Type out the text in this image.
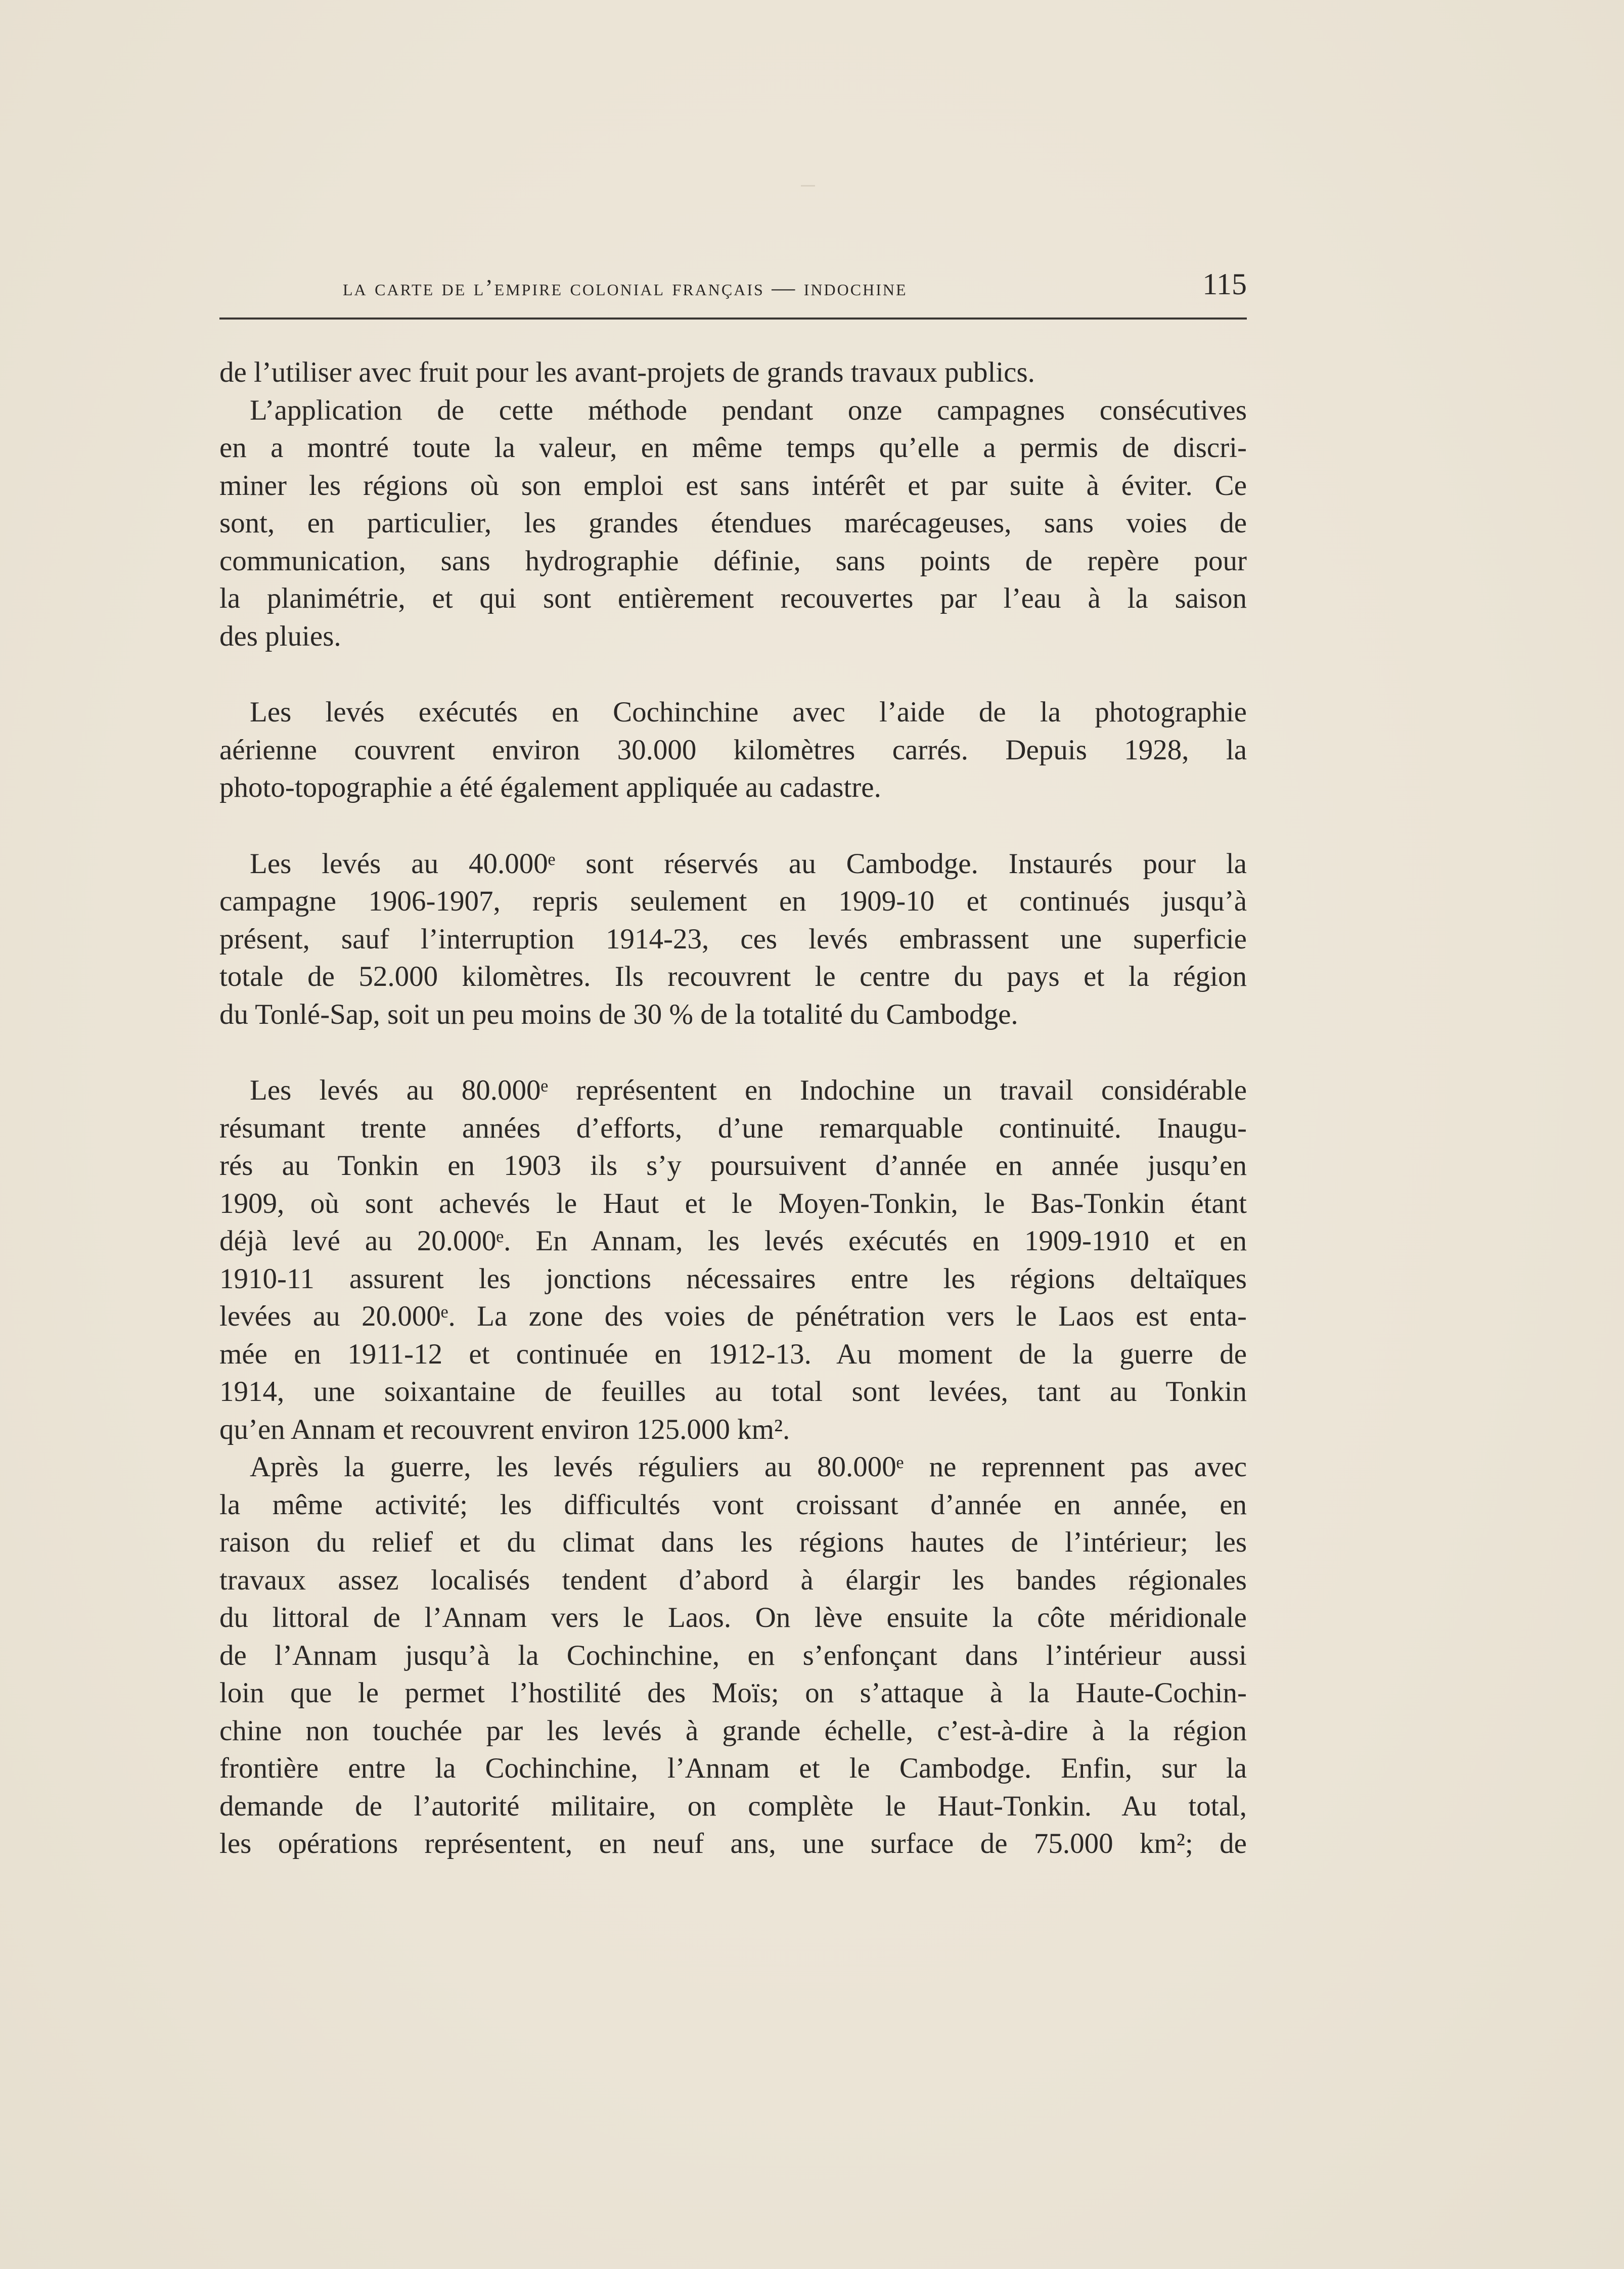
la carte de l’empire colonial français — indochine	115

de l’utiliser avec fruit pour les avant-projets de grands travaux publics.

L’application de cette méthode pendant onze campagnes consécutives
en a montré toute la valeur, en même temps qu’elle a permis de discri-
miner les régions où son emploi est sans intérêt et par suite à éviter. Ce
sont, en particulier, les grandes étendues marécageuses, sans voies de
communication, sans hydrographie définie, sans points de repère pour
la planimétrie, et qui sont entièrement recouvertes par l’eau à la saison
des pluies.

Les levés exécutés en Cochinchine avec l’aide de la photographie
aérienne couvrent environ 30.000 kilomètres carrés. Depuis 1928, la
photo-topographie a été également appliquée au cadastre.

Les levés au 40.000ᵉ sont réservés au Cambodge. Instaurés pour la
campagne 1906-1907, repris seulement en 1909-10 et continués jusqu’à
présent, sauf l’interruption 1914-23, ces levés embrassent une superficie
totale de 52.000 kilomètres. Ils recouvrent le centre du pays et la région
du Tonlé-Sap, soit un peu moins de 30 % de la totalité du Cambodge.

Les levés au 80.000ᵉ représentent en Indochine un travail considérable
résumant trente années d’efforts, d’une remarquable continuité. Inaugu-
rés au Tonkin en 1903 ils s’y poursuivent d’année en année jusqu’en
1909, où sont achevés le Haut et le Moyen-Tonkin, le Bas-Tonkin étant
déjà levé au 20.000ᵉ. En Annam, les levés exécutés en 1909-1910 et en
1910-11 assurent les jonctions nécessaires entre les régions deltaïques
levées au 20.000ᵉ. La zone des voies de pénétration vers le Laos est enta-
mée en 1911-12 et continuée en 1912-13. Au moment de la guerre de
1914, une soixantaine de feuilles au total sont levées, tant au Tonkin
qu’en Annam et recouvrent environ 125.000 km².

Après la guerre, les levés réguliers au 80.000ᵉ ne reprennent pas avec
la même activité; les difficultés vont croissant d’année en année, en
raison du relief et du climat dans les régions hautes de l’intérieur; les
travaux assez localisés tendent d’abord à élargir les bandes régionales
du littoral de l’Annam vers le Laos. On lève ensuite la côte méridionale
de l’Annam jusqu’à la Cochinchine, en s’enfonçant dans l’intérieur aussi
loin que le permet l’hostilité des Moïs; on s’attaque à la Haute-Cochin-
chine non touchée par les levés à grande échelle, c’est-à-dire à la région
frontière entre la Cochinchine, l’Annam et le Cambodge. Enfin, sur la
demande de l’autorité militaire, on complète le Haut-Tonkin. Au total,
les opérations représentent, en neuf ans, une surface de 75.000 km²; de
